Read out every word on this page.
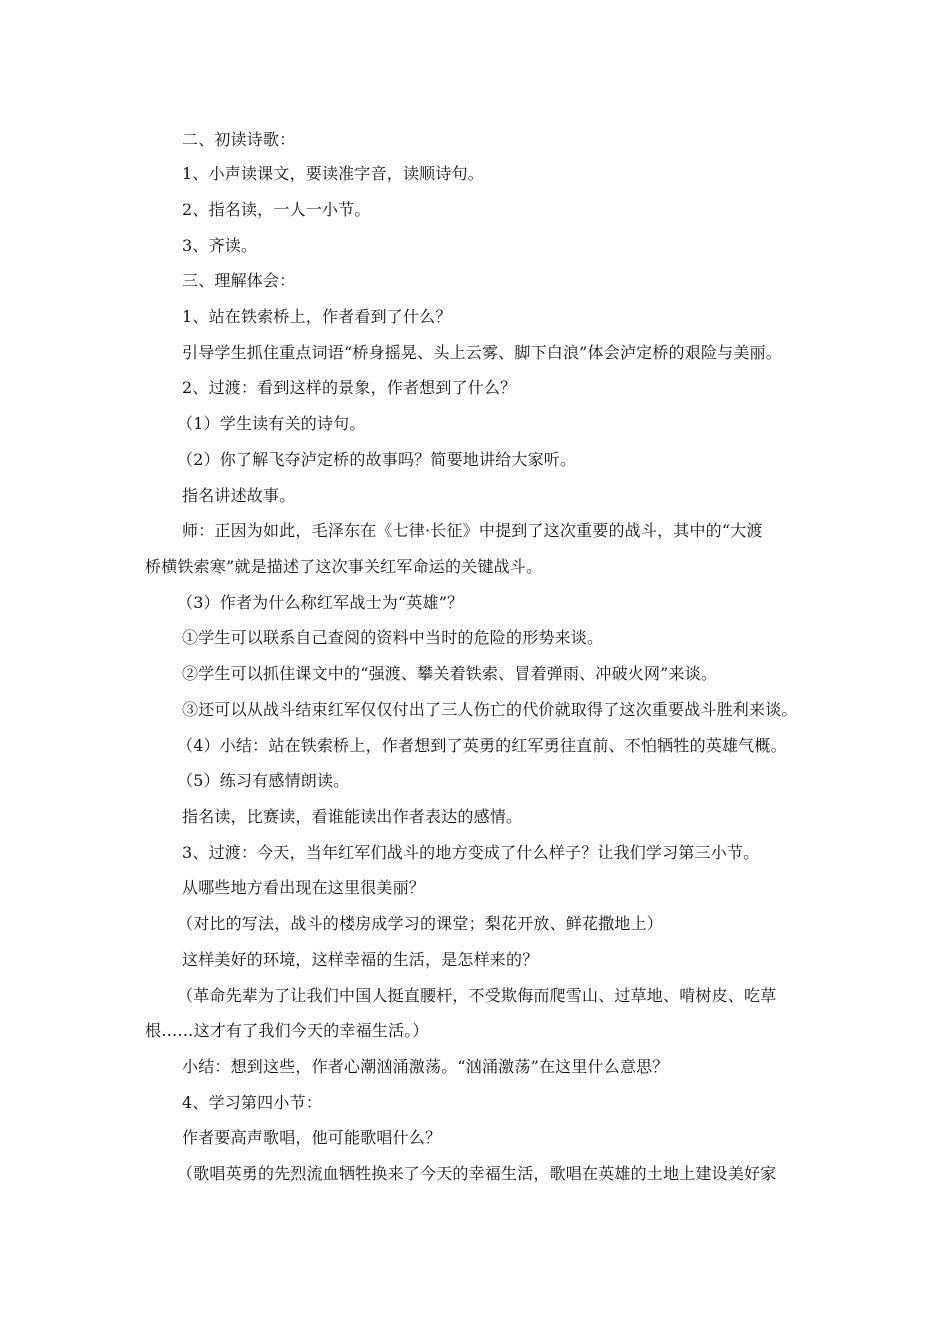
二、初读诗歌：
1、小声读课文，要读准字音，读顺诗句。
2、指名读，一人一小节。
3、齐读。
三、理解体会：
1、站在铁索桥上，作者看到了什么？
引导学生抓住重点词语“桥身摇晃、头上云雾、脚下白浪”体会泸定桥的艰险与美丽。
2、过渡：看到这样的景象，作者想到了什么？
（1）学生读有关的诗句。
（2）你了解飞夺泸定桥的故事吗？简要地讲给大家听。
指名讲述故事。
师：正因为如此，毛泽东在《七律·长征》中提到了这次重要的战斗，其中的“大渡
桥横铁索寒”就是描述了这次事关红军命运的关键战斗。
（3）作者为什么称红军战士为“英雄”？
①学生可以联系自己查阅的资料中当时的危险的形势来谈。
②学生可以抓住课文中的“强渡、攀关着铁索、冒着弹雨、冲破火网”来谈。
③还可以从战斗结束红军仅仅付出了三人伤亡的代价就取得了这次重要战斗胜利来谈。
（4）小结：站在铁索桥上，作者想到了英勇的红军勇往直前、不怕牺牲的英雄气概。
（5）练习有感情朗读。
指名读，比赛读，看谁能读出作者表达的感情。
3、过渡：今天，当年红军们战斗的地方变成了什么样子？让我们学习第三小节。
从哪些地方看出现在这里很美丽？
（对比的写法，战斗的楼房成学习的课堂；梨花开放、鲜花撒地上）
这样美好的环境，这样幸福的生活，是怎样来的？
（革命先辈为了让我们中国人挺直腰杆，不受欺侮而爬雪山、过草地、啃树皮、吃草
根……这才有了我们今天的幸福生活。）
小结：想到这些，作者心潮汹涌激荡。“汹涌激荡”在这里什么意思？
4、学习第四小节：
作者要高声歌唱，他可能歌唱什么？
（歌唱英勇的先烈流血牺牲换来了今天的幸福生活，歌唱在英雄的土地上建设美好家
